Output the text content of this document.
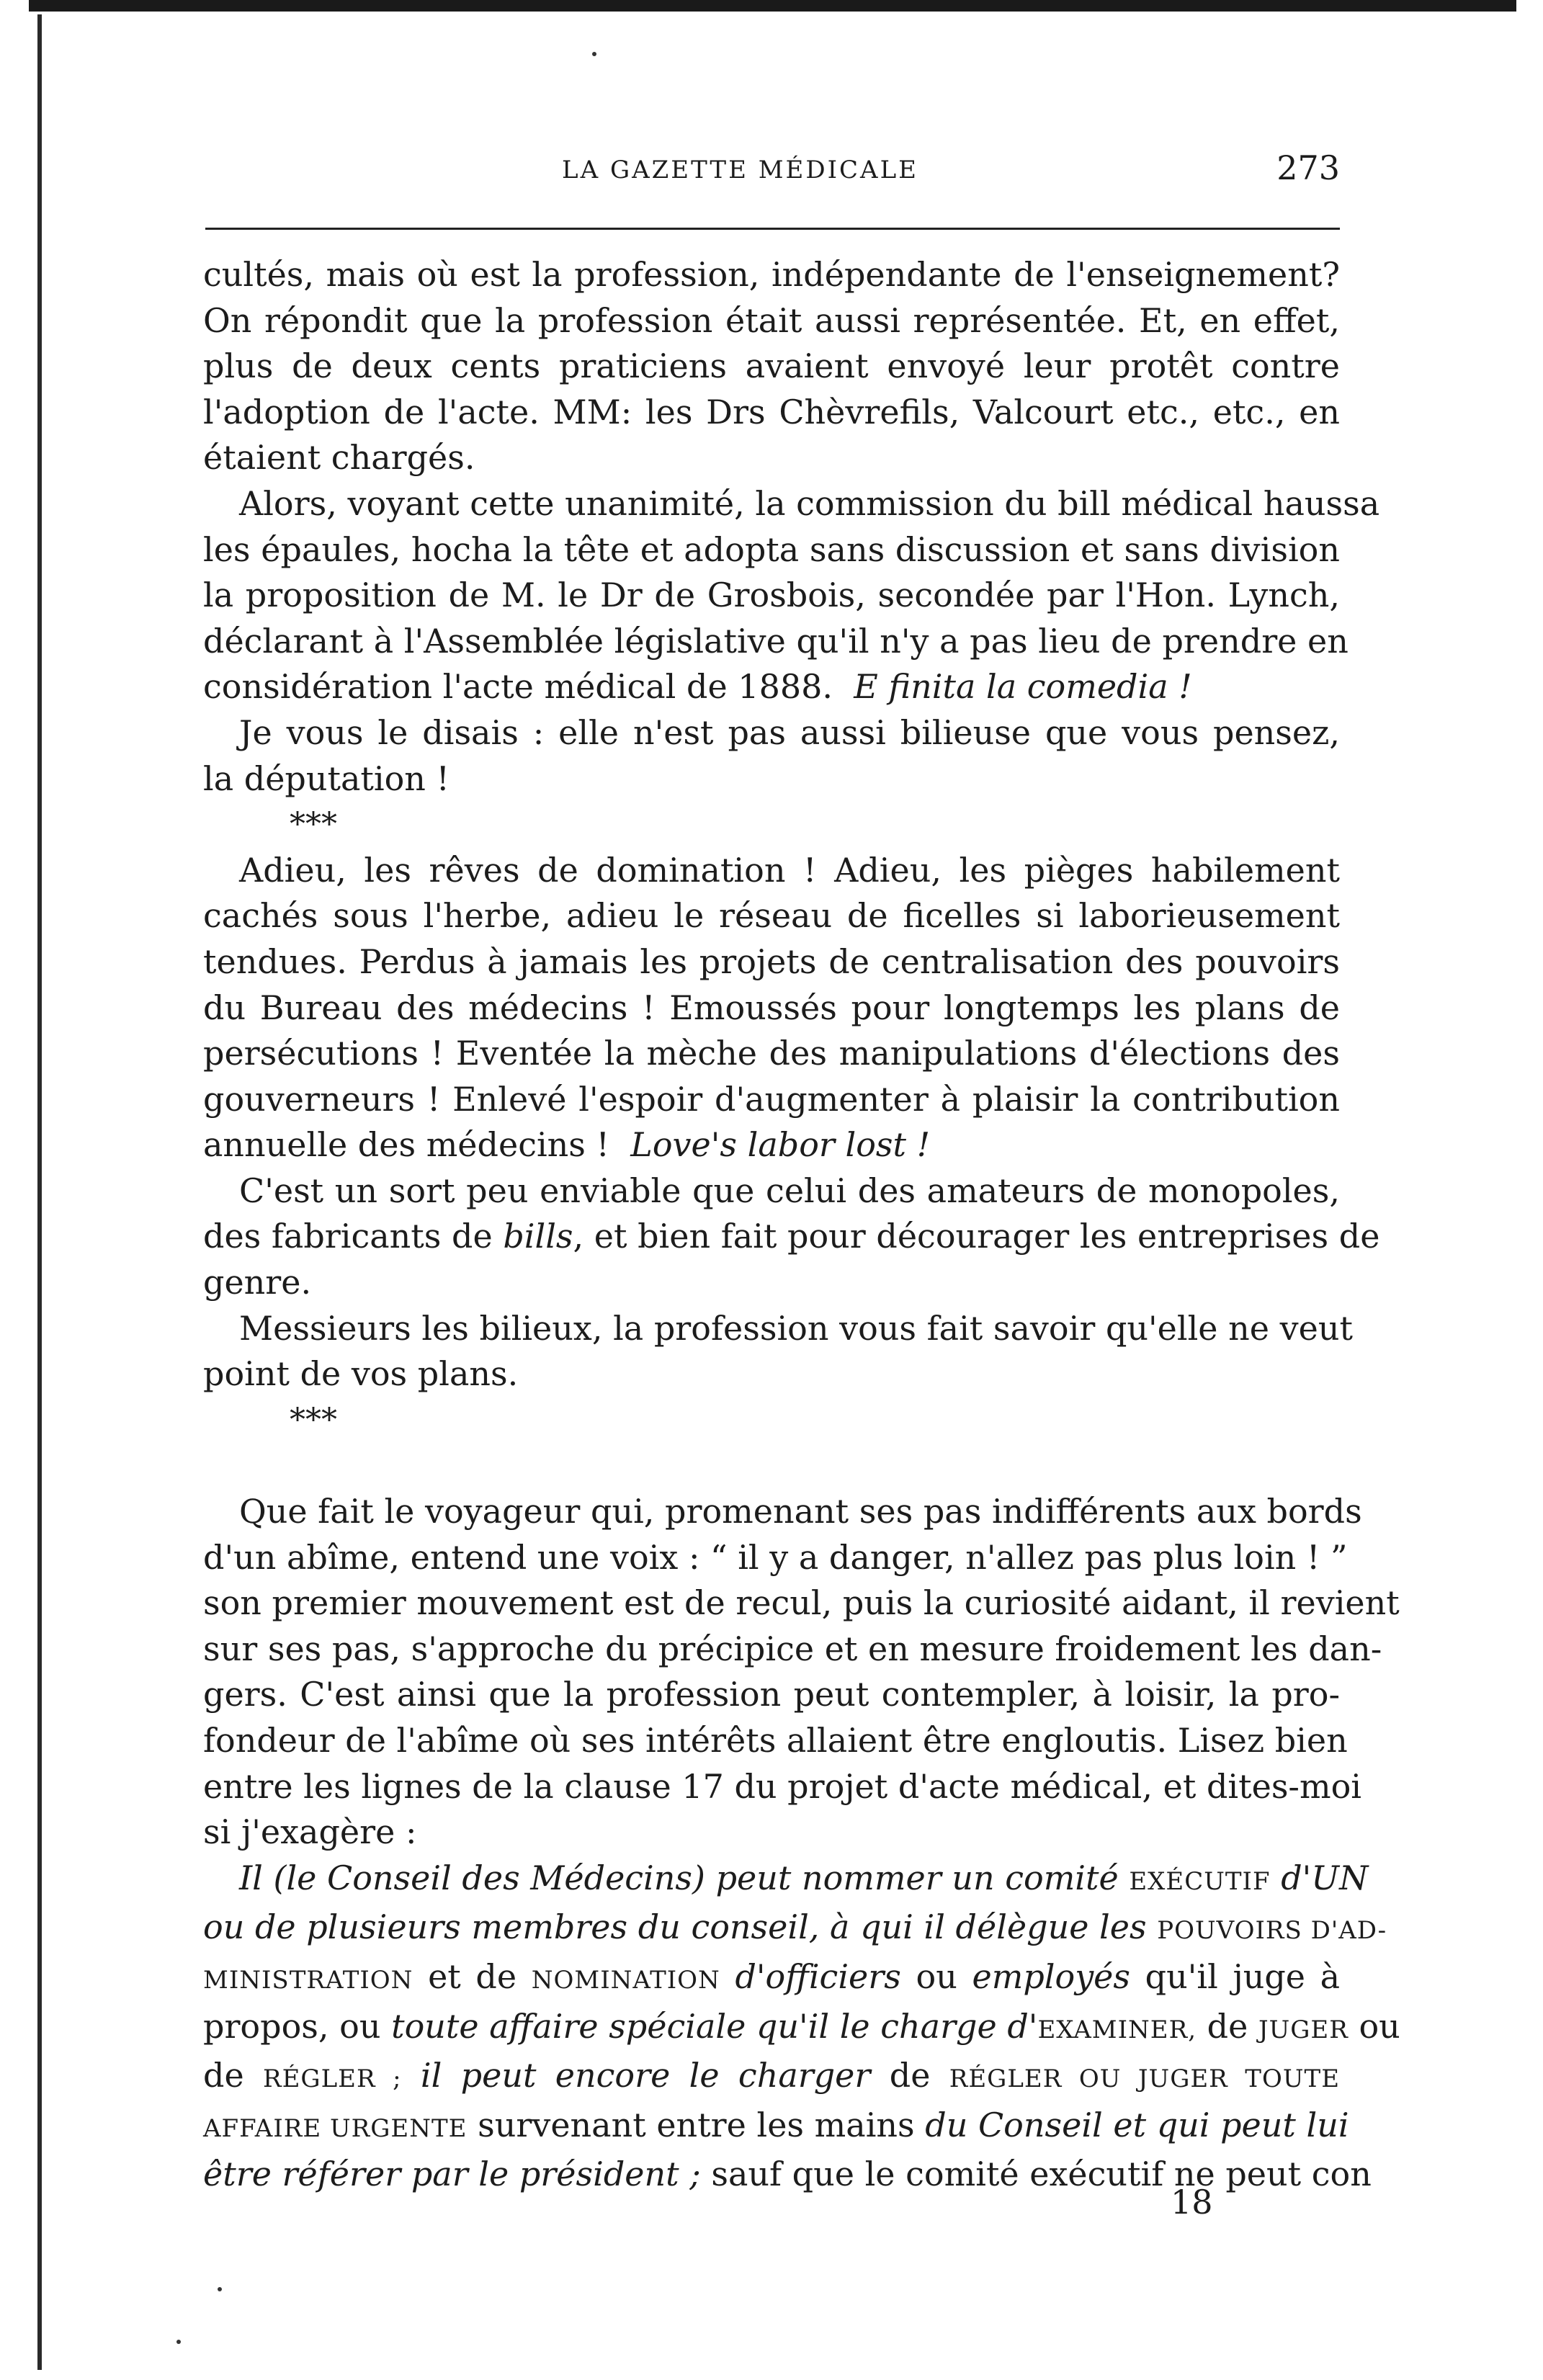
LA GAZETTE MÉDICALE	273
cultés, mais où est la profession, indépendante de l'enseignement?
On répondit que la profession était aussi représentée. Et, en effet,
plus de deux cents praticiens avaient envoyé leur protêt contre
l'adoption de l'acte. MM: les Drs Chèvrefils, Valcourt etc., etc., en
étaient chargés.
Alors, voyant cette unanimité, la commission du bill médical haussa
les épaules, hocha la tête et adopta sans discussion et sans division
la proposition de M. le Dr de Grosbois, secondée par l'Hon. Lynch,
déclarant à l'Assemblée législative qu'il n'y a pas lieu de prendre en
considération l'acte médical de 1888. E finita la comedia !
Je vous le disais : elle n'est pas aussi bilieuse que vous pensez,
la députation !
***
Adieu, les rêves de domination ! Adieu, les pièges habilement
cachés sous l'herbe, adieu le réseau de ficelles si laborieusement
tendues. Perdus à jamais les projets de centralisation des pouvoirs
du Bureau des médecins ! Emoussés pour longtemps les plans de
persécutions ! Eventée la mèche des manipulations d'élections des
gouverneurs ! Enlevé l'espoir d'augmenter à plaisir la contribution
annuelle des médecins ! Love's labor lost !
C'est un sort peu enviable que celui des amateurs de monopoles,
des fabricants de bills, et bien fait pour décourager les entreprises de
genre.
Messieurs les bilieux, la profession vous fait savoir qu'elle ne veut
point de vos plans.
***

Que fait le voyageur qui, promenant ses pas indifférents aux bords
d'un abîme, entend une voix : “ il y a danger, n'allez pas plus loin ! ”
son premier mouvement est de recul, puis la curiosité aidant, il revient
sur ses pas, s'approche du précipice et en mesure froidement les dan-
gers. C'est ainsi que la profession peut contempler, à loisir, la pro-
fondeur de l'abîme où ses intérêts allaient être engloutis. Lisez bien
entre les lignes de la clause 17 du projet d'acte médical, et dites-moi
si j'exagère :
Il (le Conseil des Médecins) peut nommer un comité EXÉCUTIF d'UN
ou de plusieurs membres du conseil, à qui il délègue les POUVOIRS D'AD-
MINISTRATION et de NOMINATION d'officiers ou employés qu'il juge à
propos, ou toute affaire spéciale qu'il le charge d'EXAMINER, de JUGER ou
de RÉGLER ; il peut encore le charger de RÉGLER OU JUGER TOUTE
AFFAIRE URGENTE survenant entre les mains du Conseil et qui peut lui
être référer par le président ; sauf que le comité exécutif ne peut con
18
